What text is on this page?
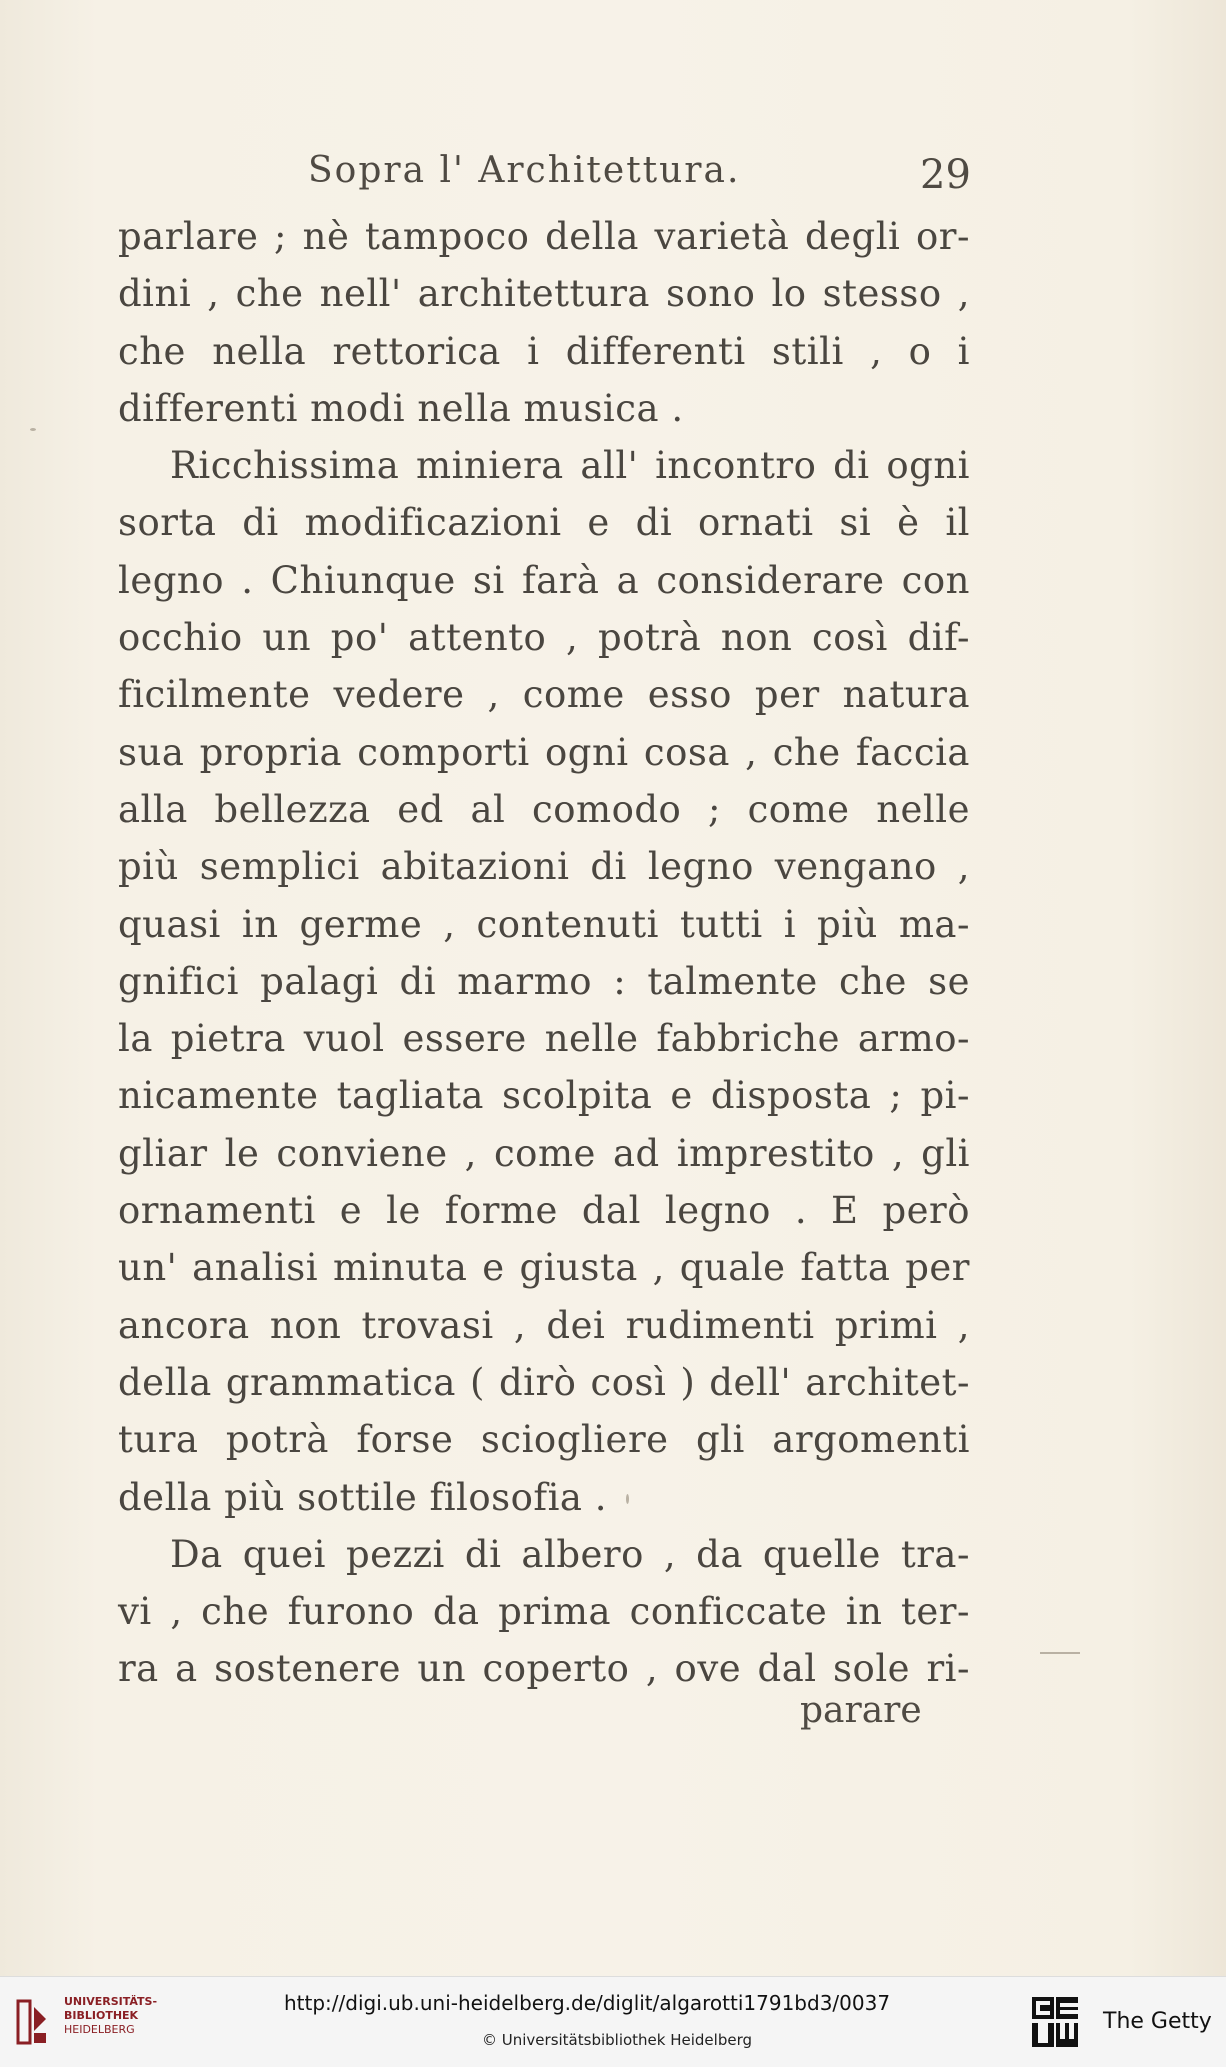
Sopra l' Architettura.	29
parlare ; nè tampoco della varietà degli or-
dini , che nell' architettura sono lo stesso ,
che nella rettorica i differenti stili , o i
differenti modi nella musica .
Ricchissima miniera all' incontro di ogni
sorta di modificazioni e di ornati si è il
legno . Chiunque si farà a considerare con
occhio un po' attento , potrà non così dif-
ficilmente vedere , come esso per natura
sua propria comporti ogni cosa , che faccia
alla bellezza ed al comodo ; come nelle
più semplici abitazioni di legno vengano ,
quasi in germe , contenuti tutti i più ma-
gnifici palagi di marmo : talmente che se
la pietra vuol essere nelle fabbriche armo-
nicamente tagliata scolpita e disposta ; pi-
gliar le conviene , come ad imprestito , gli
ornamenti e le forme dal legno . E però
un' analisi minuta e giusta , quale fatta per
ancora non trovasi , dei rudimenti primi ,
della grammatica ( dirò così ) dell' architet-
tura potrà forse sciogliere gli argomenti
della più sottile filosofia .
Da quei pezzi di albero , da quelle tra-
vi , che furono da prima conficcate in ter-
ra a sostenere un coperto , ove dal sole ri-
parare
UNIVERSITÄTS-
BIBLIOTHEK
HEIDELBERG
http://digi.ub.uni-heidelberg.de/diglit/algarotti1791bd3/0037
© Universitätsbibliothek Heidelberg
The Getty
